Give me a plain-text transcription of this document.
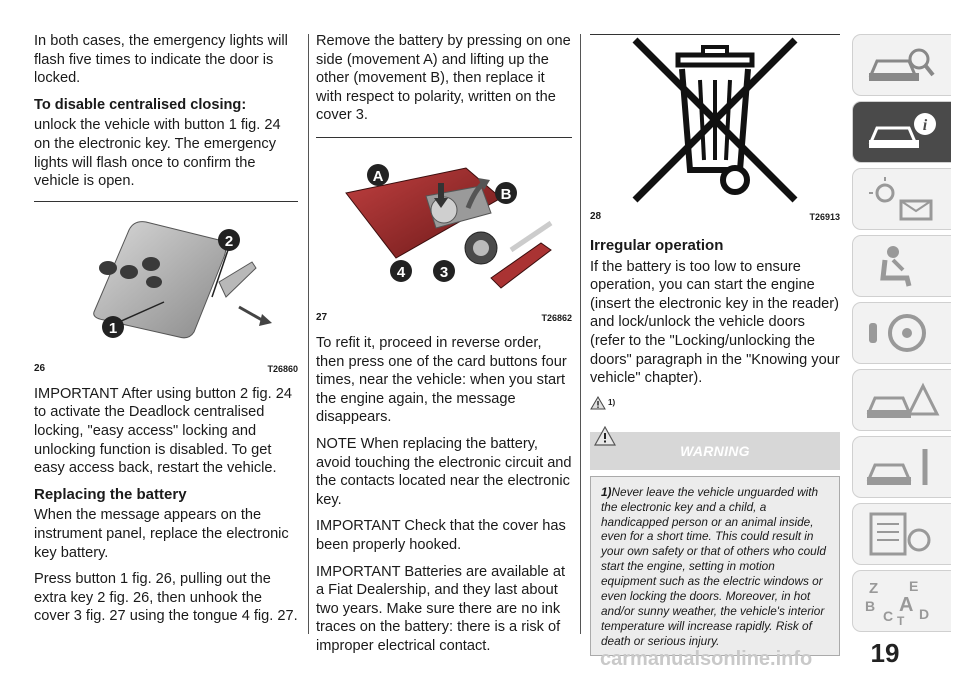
In both cases, the emergency lights will flash five times to indicate the door is locked.

To disable centralised closing:

unlock the vehicle with button 1 fig. 24 on the electronic key. The emergency lights will flash once to confirm the vehicle is open.

1
2
26	T26860

IMPORTANT After using button 2 fig. 24 to activate the Deadlock centralised locking, "easy access" locking and unlocking function is disabled. To get easy access back, restart the vehicle.

Replacing the battery

When the message appears on the instrument panel, replace the electronic key battery.

Press button 1 fig. 26, pulling out the extra key 2 fig. 26, then unhook the cover 3 fig. 27 using the tongue 4 fig. 27.

Remove the battery by pressing on one side (movement A) and lifting up the other (movement B), then replace it with respect to polarity, written on the cover 3.

A
B
4 3
27	T26862

To refit it, proceed in reverse order, then press one of the card buttons four times, near the vehicle: when you start the engine again, the message disappears.

NOTE When replacing the battery, avoid touching the electronic circuit and the contacts located near the electronic key.

IMPORTANT Check that the cover has been properly hooked.

IMPORTANT Batteries are available at a Fiat Dealership, and they last about two years. Make sure there are no ink traces on the battery: there is a risk of improper electrical contact.

28	T26913
Irregular operation

If the battery is too low to ensure operation, you can start the engine (insert the electronic key in the reader) and lock/unlock the vehicle doors (refer to the "Locking/unlocking the doors" paragraph in the "Knowing your vehicle" chapter).

1)
WARNING

1)Never leave the vehicle unguarded with the electronic key and a child, a handicapped person or an animal inside, even for a short time. This could result in your own safety or that of others who could start the engine, setting in motion equipment such as the electric windows or even locking the doors. Moreover, in hot and/or sunny weather, the vehicle's interior temperature will increase rapidly. Risk of death or serious injury.

i
Z E
B A
C D
T
19
carmanualsonline.info
